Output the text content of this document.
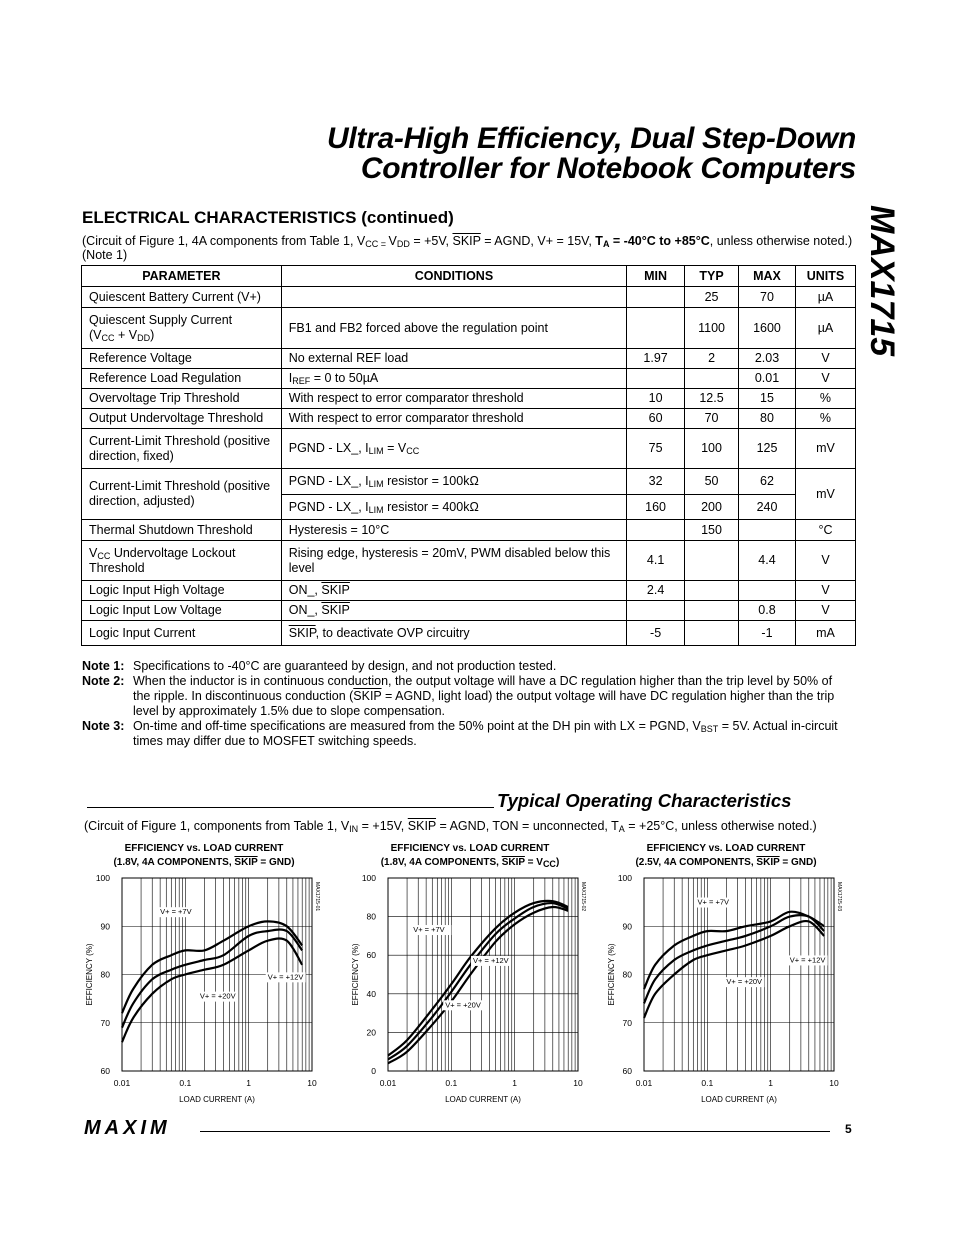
Ultra-High Efficiency, Dual Step-Down
Controller for Notebook Computers
MAX1715
ELECTRICAL CHARACTERISTICS (continued)
(Circuit of Figure 1, 4A components from Table 1, $V_{CC =}$ $V_{DD} = +5V$, SKIP = AGND, V+ = 15V, $T_A = -40^\circ C$ to +85°C, unless otherwise noted.) (Note 1)
PARAMETER	CONDITIONS	MIN	TYP	MAX	UNITS
Quiescent Battery Current (V+)			25	70	µA
Quiescent Supply Current
$(V_{CC} + V_{DD})$	FB1 and FB2 forced above the regulation point		1100	1600	µA
Reference Voltage	No external REF load	1.97	2	2.03	V
Reference Load Regulation	$I_{REF} = 0$ to 50µA			0.01	V
Overvoltage Trip Threshold	With respect to error comparator threshold	10	12.5	15	%
Output Undervoltage Threshold	With respect to error comparator threshold	60	70	80	%
Current-Limit Threshold (positive direction, fixed)	PGND - LX_, $I_{LIM} = V_{CC}$	75	100	125	mV
Current-Limit Threshold (positive direction, adjusted)	PGND - LX_, $I_{LIM}$ resistor = 100kΩ	32	50	62	mV
	PGND - LX_, $I_{LIM}$ resistor = 400kΩ	160	200	240	
Thermal Shutdown Threshold	Hysteresis = 10°C		150		°C
$V_{CC}$ Undervoltage Lockout Threshold	Rising edge, hysteresis = 20mV, PWM disabled below this level	4.1		4.4	V
Logic Input High Voltage	ON_, SKIP	2.4			V
Logic Input Low Voltage	ON_, SKIP			0.8	V
Logic Input Current	SKIP, to deactivate OVP circuitry	-5		-1	mA
Note 1: Specifications to -40°C are guaranteed by design, and not production tested.
Note 2: When the inductor is in continuous conduction, the output voltage will have a DC regulation higher than the trip level by 50% of the ripple. In discontinuous conduction (SKIP = AGND, light load) the output voltage will have DC regulation higher than the trip level by approximately 1.5% due to slope compensation.
Note 3: On-time and off-time specifications are measured from the 50% point at the DH pin with LX = PGND, $V_{BST} = 5V$. Actual in-circuit times may differ due to MOSFET switching speeds.
Typical Operating Characteristics
(Circuit of Figure 1, components from Table 1, $V_{IN} = +15V$, SKIP = AGND, TON = unconnected, $T_A = +25^\circ C$, unless otherwise noted.)
EFFICIENCY vs. LOAD CURRENT
(1.8V, 4A COMPONENTS, SKIP = GND)
60
70
80
90
100
0.01	0.1	1	10
LOAD CURRENT (A)
EFFICIENCY (%)
MAX1715-01
V+ = +7V
V+ = +12V
V+ = +20V
EFFICIENCY vs. LOAD CURRENT
(1.8V, 4A COMPONENTS, SKIP = $V_{CC}$)
0
20
40
60
80
100
0.01	0.1	1	10
LOAD CURRENT (A)
EFFICIENCY (%)
MAX1715-02
V+ = +7V
V+ = +12V
V+ = +20V
EFFICIENCY vs. LOAD CURRENT
(2.5V, 4A COMPONENTS, SKIP = GND)
60
70
80
90
100
0.01	0.1	1	10
LOAD CURRENT (A)
EFFICIENCY (%)
MAX1715-03
V+ = +7V
V+ = +12V
V+ = +20V
MAXIM	5
